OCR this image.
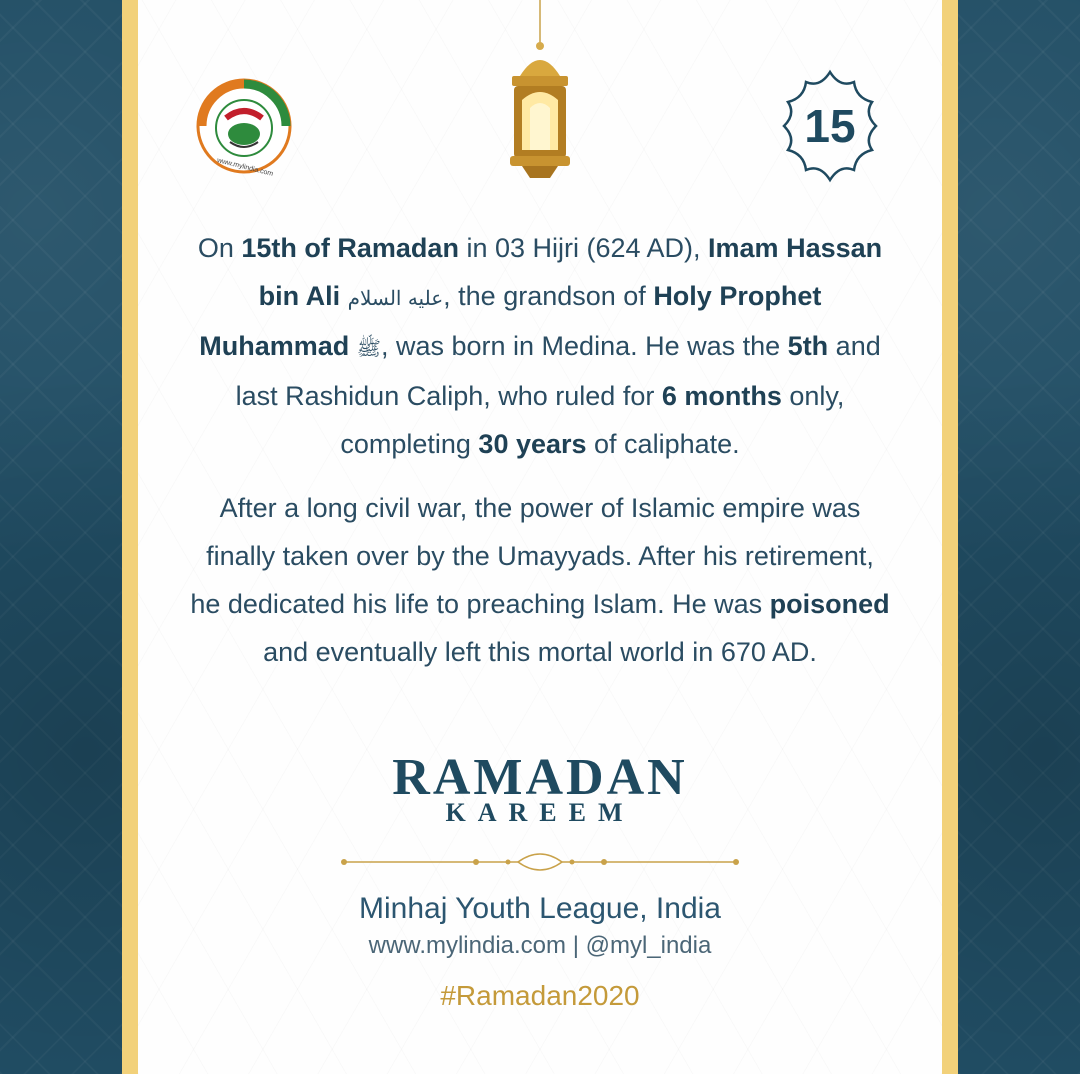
www.mylindia.com
15
On 15th of Ramadan in 03 Hijri (624 AD), Imam Hassan bin Ali عليه السلام, the grandson of Holy Prophet Muhammad ﷺ, was born in Medina. He was the 5th and last Rashidun Caliph, who ruled for 6 months only, completing 30 years of caliphate.
After a long civil war, the power of Islamic empire was finally taken over by the Umayyads. After his retirement, he dedicated his life to preaching Islam. He was poisoned and eventually left this mortal world in 670 AD.
RAMADAN
KAREEM
Minhaj Youth League, India
www.mylindia.com | @myl_india
#Ramadan2020
